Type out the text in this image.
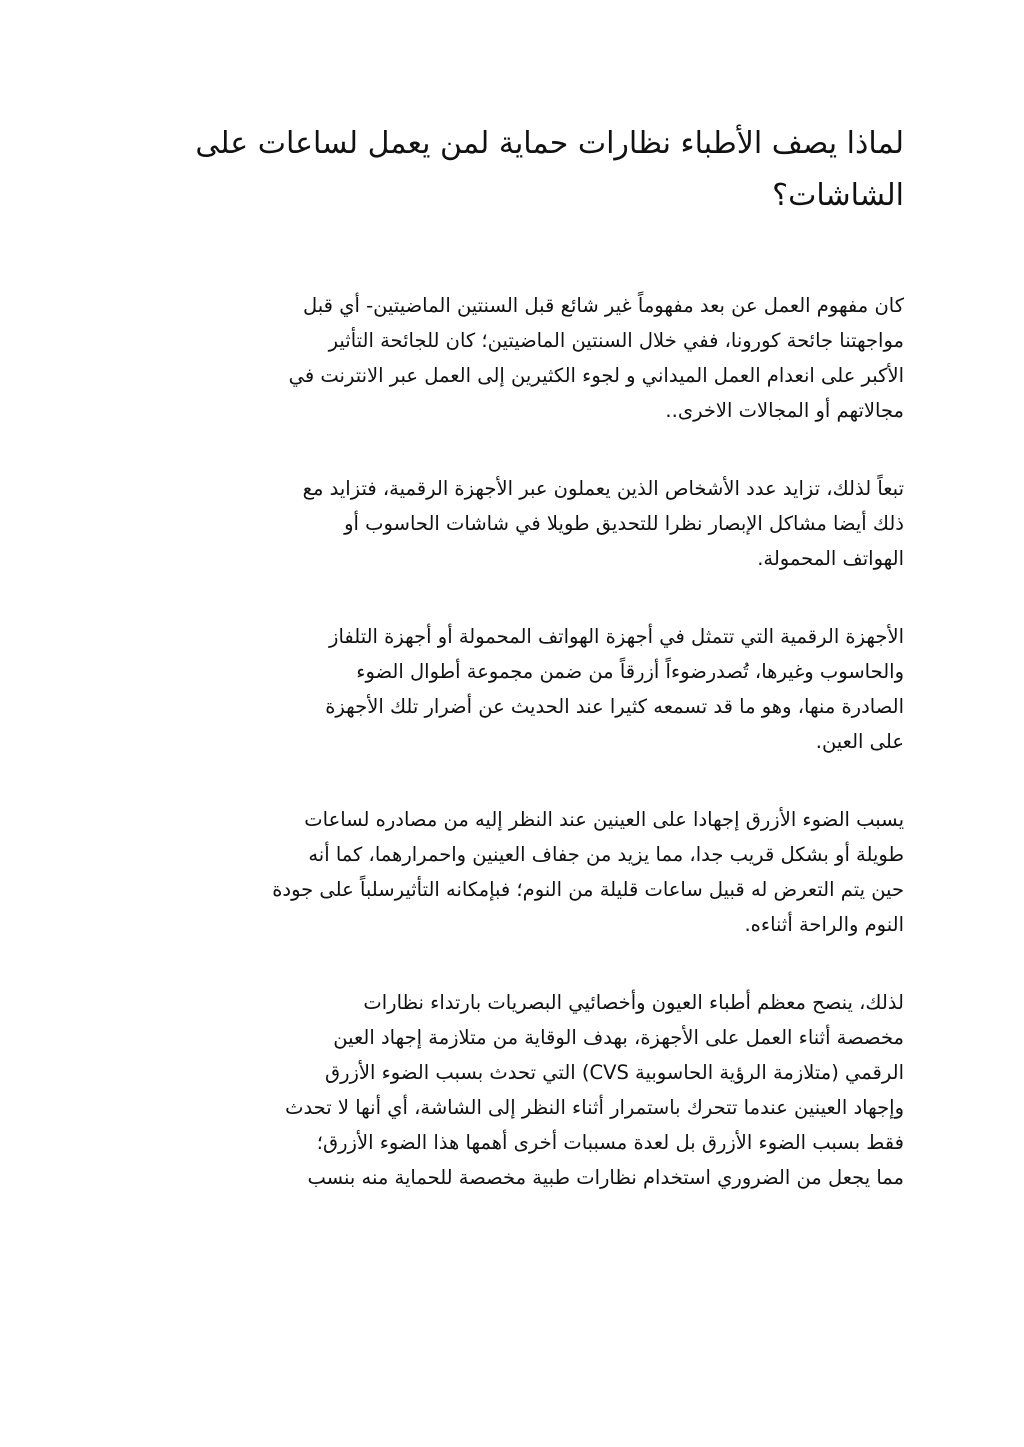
لماذا يصف الأطباء نظارات حماية لمن يعمل لساعات على
الشاشات؟

كان مفهوم العمل عن بعد مفهوماً غير شائع قبل السنتين الماضيتين- أي قبل
مواجهتنا جائحة كورونا، ففي خلال السنتين الماضيتين؛ كان للجائحة التأثير
الأكبر على انعدام العمل الميداني و لجوء الكثيرين إلى العمل عبر الانترنت في
مجالاتهم أو المجالات الاخرى..

تبعاً لذلك، تزايد عدد الأشخاص الذين يعملون عبر الأجهزة الرقمية، فتزايد مع
ذلك أيضا مشاكل الإبصار نظرا للتحديق طويلا في شاشات الحاسوب أو
الهواتف المحمولة.

الأجهزة الرقمية التي تتمثل في أجهزة الهواتف المحمولة أو أجهزة التلفاز
والحاسوب وغيرها، تُصدرضوءاً أزرقاً من ضمن مجموعة أطوال الضوء
الصادرة منها، وهو ما قد تسمعه كثيرا عند الحديث عن أضرار تلك الأجهزة
على العين.

يسبب الضوء الأزرق إجهادا على العينين عند النظر إليه من مصادره لساعات
طويلة أو بشكل قريب جدا، مما يزيد من جفاف العينين واحمرارهما، كما أنه
حين يتم التعرض له قبيل ساعات قليلة من النوم؛ فبإمكانه التأثيرسلباً على جودة
النوم والراحة أثناءه.

لذلك، ينصح معظم أطباء العيون وأخصائيي البصريات بارتداء نظارات
مخصصة أثناء العمل على الأجهزة، بهدف الوقاية من متلازمة إجهاد العين
الرقمي (متلازمة الرؤية الحاسوبية CVS) التي تحدث بسبب الضوء الأزرق
وإجهاد العينين عندما تتحرك باستمرار أثناء النظر إلى الشاشة، أي أنها لا تحدث
فقط بسبب الضوء الأزرق بل لعدة مسببات أخرى أهمها هذا الضوء الأزرق؛
مما يجعل من الضروري استخدام نظارات طبية مخصصة للحماية منه بنسب
